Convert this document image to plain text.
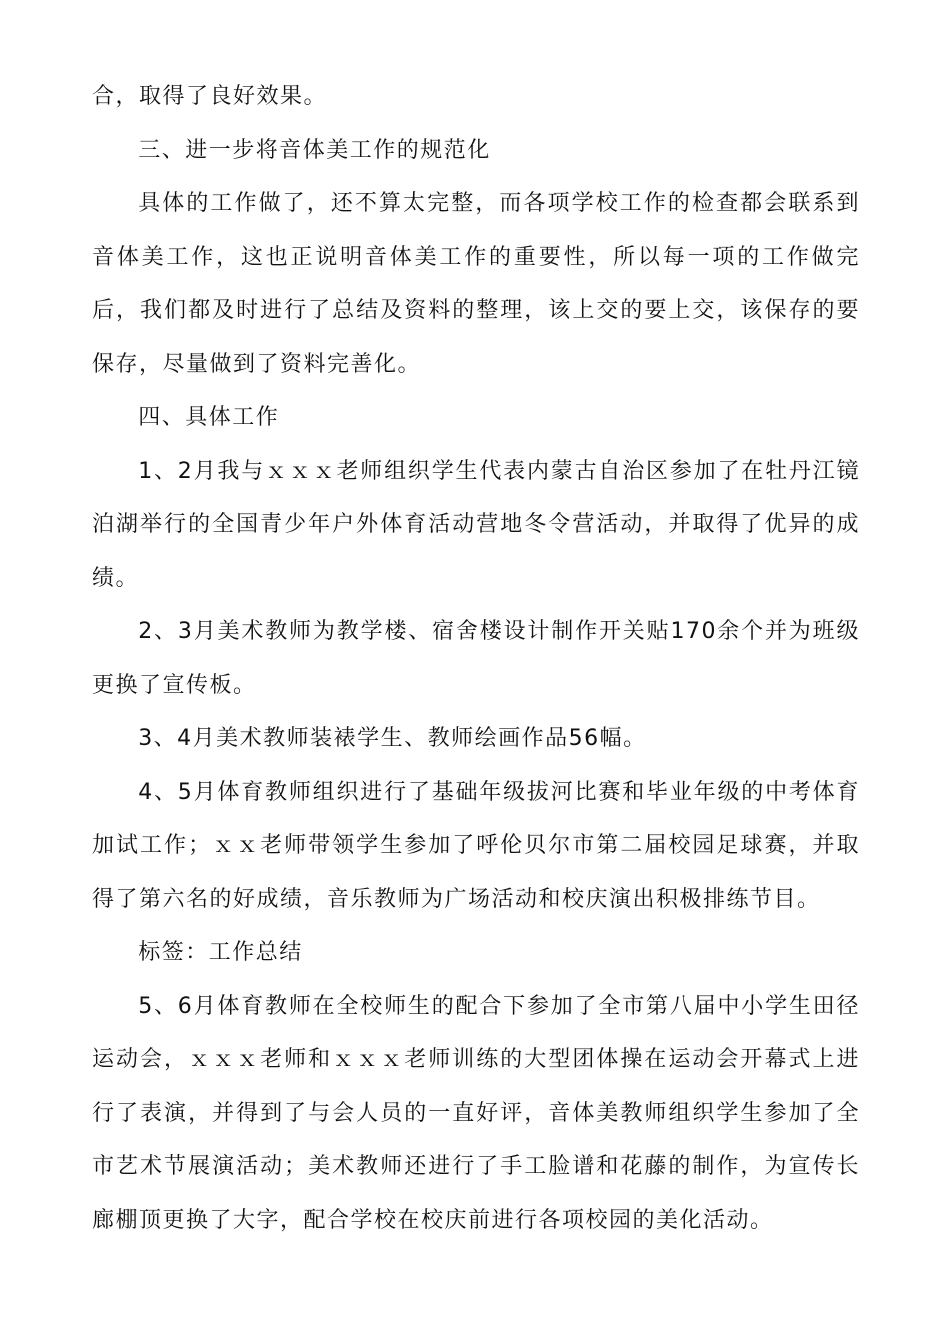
合，取得了良好效果。

三、进一步将音体美工作的规范化

具体的工作做了，还不算太完整，而各项学校工作的检查都会联系到音体美工作，这也正说明音体美工作的重要性，所以每一项的工作做完后，我们都及时进行了总结及资料的整理，该上交的要上交，该保存的要保存，尽量做到了资料完善化。

四、具体工作

1、2月我与ｘｘｘ老师组织学生代表内蒙古自治区参加了在牡丹江镜泊湖举行的全国青少年户外体育活动营地冬令营活动，并取得了优异的成绩。

2、3月美术教师为教学楼、宿舍楼设计制作开关贴170余个并为班级更换了宣传板。

3、4月美术教师装裱学生、教师绘画作品56幅。

4、5月体育教师组织进行了基础年级拔河比赛和毕业年级的中考体育加试工作；ｘｘ老师带领学生参加了呼伦贝尔市第二届校园足球赛，并取得了第六名的好成绩，音乐教师为广场活动和校庆演出积极排练节目。

标签：工作总结

5、6月体育教师在全校师生的配合下参加了全市第八届中小学生田径运动会，ｘｘｘ老师和ｘｘｘ老师训练的大型团体操在运动会开幕式上进行了表演，并得到了与会人员的一直好评，音体美教师组织学生参加了全市艺术节展演活动；美术教师还进行了手工脸谱和花藤的制作，为宣传长廊棚顶更换了大字，配合学校在校庆前进行各项校园的美化活动。
